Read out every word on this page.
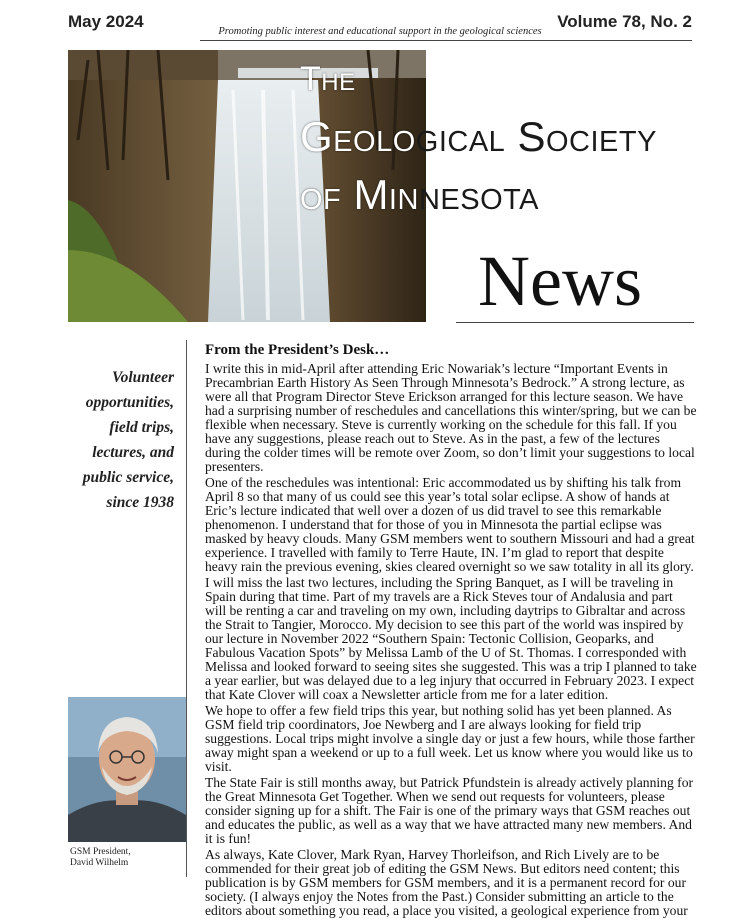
May 2024
Promoting public interest and educational support in the geological sciences
Volume 78, No. 2
The
Geological Society
of Minnesota
News
Volunteer
opportunities,
field trips,
lectures, and
public service,
since 1938
GSM President,
David Wilhelm
From the President’s Desk…

I write this in mid-April after attending Eric Nowariak’s lecture “Important Events in Precambrian Earth History As Seen Through Minnesota’s Bedrock.” A strong lecture, as were all that Program Director Steve Erickson arranged for this lecture season. We have had a surprising number of reschedules and cancellations this winter/spring, but we can be flexible when necessary. Steve is currently working on the schedule for this fall. If you have any suggestions, please reach out to Steve. As in the past, a few of the lectures during the colder times will be remote over Zoom, so don’t limit your suggestions to local presenters.

One of the reschedules was intentional: Eric accommodated us by shifting his talk from April 8 so that many of us could see this year’s total solar eclipse. A show of hands at Eric’s lecture indicated that well over a dozen of us did travel to see this remarkable phenomenon. I understand that for those of you in Minnesota the partial eclipse was masked by heavy clouds. Many GSM members went to southern Missouri and had a great experience. I travelled with family to Terre Haute, IN. I’m glad to report that despite heavy rain the previous evening, skies cleared overnight so we saw totality in all its glory.

I will miss the last two lectures, including the Spring Banquet, as I will be traveling in Spain during that time. Part of my travels are a Rick Steves tour of Andalusia and part will be renting a car and traveling on my own, including daytrips to Gibraltar and across the Strait to Tangier, Morocco. My decision to see this part of the world was inspired by our lecture in November 2022 “Southern Spain: Tectonic Collision, Geoparks, and Fabulous Vacation Spots” by Melissa Lamb of the U of St. Thomas. I corresponded with Melissa and looked forward to seeing sites she suggested. This was a trip I planned to take a year earlier, but was delayed due to a leg injury that occurred in February 2023. I expect that Kate Clover will coax a Newsletter article from me for a later edition.

We hope to offer a few field trips this year, but nothing solid has yet been planned. As GSM field trip coordinators, Joe Newberg and I are always looking for field trip suggestions. Local trips might involve a single day or just a few hours, while those farther away might span a weekend or up to a full week. Let us know where you would like us to visit.

The State Fair is still months away, but Patrick Pfundstein is already actively planning for the Great Minnesota Get Together. When we send out requests for volunteers, please consider signing up for a shift. The Fair is one of the primary ways that GSM reaches out and educates the public, as well as a way that we have attracted many new members. And it is fun!

As always, Kate Clover, Mark Ryan, Harvey Thorleifson, and Rich Lively are to be commended for their great job of editing the GSM News. But editors need content; this publication is by GSM members for GSM members, and it is a permanent record for our society. (I always enjoy the Notes from the Past.) Consider submitting an article to the editors about something you read, a place you visited, a geological experience from your
